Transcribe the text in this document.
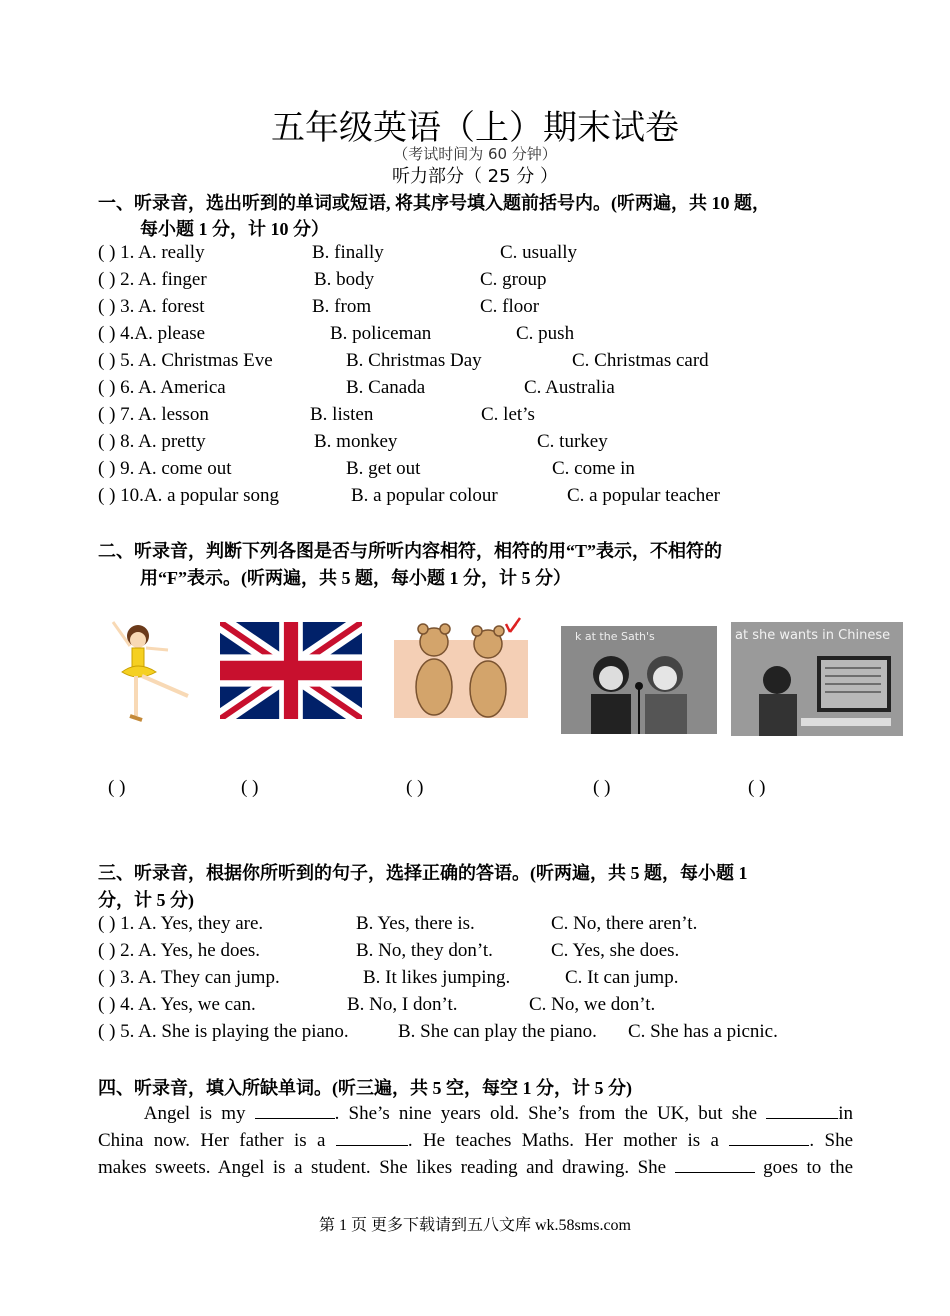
五年级英语（上）期末试卷
（考试时间为 60 分钟）
听力部分（ 25 分 ）
一、听录音，选出听到的单词或短语, 将其序号填入题前括号内。(听两遍，共 10 题，
每小题 1 分，计 10 分）
( ) 1. A. really	B. finally	C. usually
( ) 2. A. finger	B. body	C. group
( ) 3. A. forest	B. from	C. floor
( ) 4.A. please	B. policeman	C. push
( ) 5. A. Christmas Eve	B. Christmas Day	C. Christmas card
( ) 6. A. America	B. Canada	C. Australia
( ) 7. A. lesson	B. listen	C. let’s
( ) 8. A. pretty	B. monkey	C. turkey
( ) 9. A. come out	B. get out	C. come in
( ) 10.A. a popular song	B. a popular colour	C. a popular teacher
二、听录音，判断下列各图是否与所听内容相符，相符的用“T”表示，不相符的
用“F”表示。(听两遍，共 5 题，每小题 1 分，计 5 分）
k at the Sath's	at she wants in Chinese
( )	( )	( )	( )	( )
三、听录音，根据你所听到的句子，选择正确的答语。(听两遍，共 5 题，每小题 1
分，计 5 分)
( ) 1. A. Yes, they are.	B. Yes, there is.	C. No, there aren’t.
( ) 2. A. Yes, he does.	B. No, they don’t.	C. Yes, she does.
( ) 3. A. They can jump.	B. It likes jumping.	C. It can jump.
( ) 4. A. Yes, we can.	B. No, I don’t.	C. No, we don’t.
( ) 5. A. She is playing the piano.	B. She can play the piano. C. She has a picnic.
四、听录音，填入所缺单词。(听三遍，共 5 空，每空 1 分，计 5 分)
Angel is my	. She’s nine years old. She’s from the UK, but she	in
China now. Her father is a	. He teaches Maths. Her mother is a	. She
makes sweets. Angel is a student. She likes reading and drawing. She	goes to the
第 1 页 更多下载请到五八文库 wk.58sms.com
